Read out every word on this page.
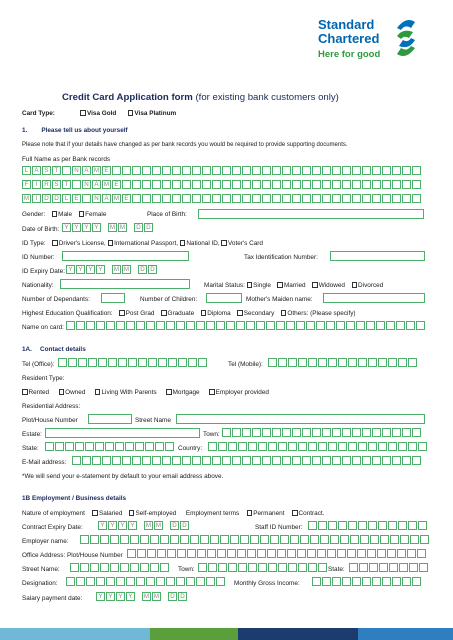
Standard
Chartered
Here for good
Credit Card Application form (for existing bank customers only)
Card Type:	Visa Gold	Visa Platinum
1. Please tell us about yourself
Please note that if your details have changed as per bank records you would be required to provide supporting documents.
Full Name as per Bank records
L	A S T	N A M E
F	I	R S T	N A M E
M	I	D D L	E	N A M E
Gender: Male Female	Place of Birth:
Date of Birth: Y Y Y Y	M M	D D
ID Type: Driver's License, International Passport, National ID, Voter's Card
ID Number:	Tax Identification Number:
ID Expiry Date: Y Y Y Y	M M	D D
Nationality:	Marital Status: Single Married Widowed Divorced
Number of Dependants:	Number of Children:	Mother's Maiden name:
Highest Education Qualification: Post Grad Graduate Diploma Secondary Others: (Please specify)
Name on card:
1A. Contact details
Tel (Office):	Tel (Mobile):
Resident Type:
Rented	Owned	Living With Parents	Mortgage	Employer provided
Residential Address:
Plot/House Number	Street Name
Estate:	Town:
State:	Country:
E-Mail address:
*We will send your e-statement by default to your email address above.
1B Employment / Business details
Nature of employment Salaried Self-employed Employment terms Permanent Contract.
Contract Expiry Date:	Y Y Y Y	M M	D D	Staff ID Number:
Employer name:
Office Address: Plot/House Number
Street Name:	Town:	State:
Designation:	Monthly Gross Income:
Salary payment date:	Y Y Y Y	M M	D D
